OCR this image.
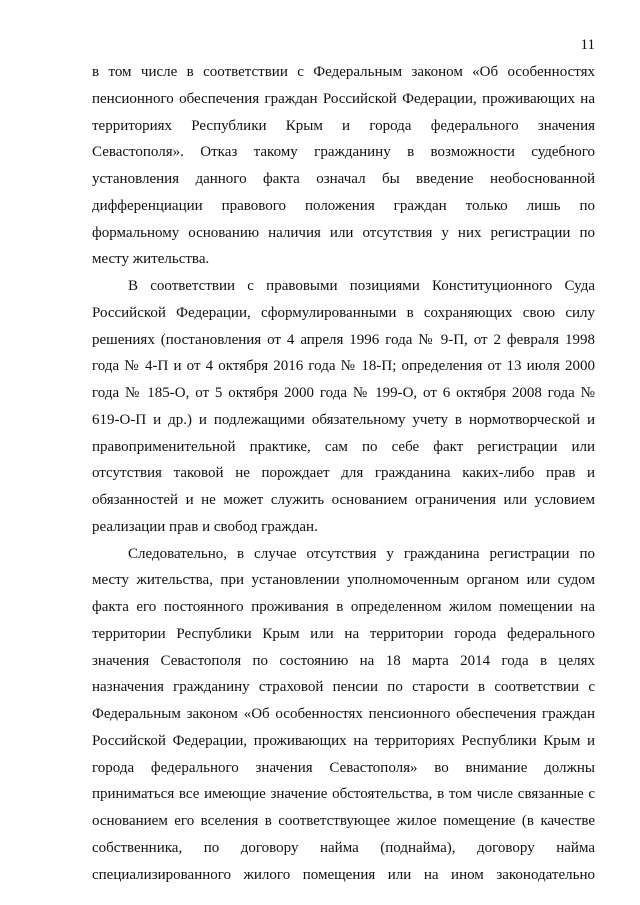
11
в том числе в соответствии с Федеральным законом «Об особенностях
пенсионного обеспечения граждан Российской Федерации, проживающих на
территориях Республики Крым и города федерального значения
Севастополя». Отказ такому гражданину в возможности судебного
установления данного факта означал бы введение необоснованной
дифференциации правового положения граждан только лишь по
формальному основанию наличия или отсутствия у них регистрации по
месту жительства.
В соответствии с правовыми позициями Конституционного Суда
Российской Федерации, сформулированными в сохраняющих свою силу
решениях (постановления от 4 апреля 1996 года № 9-П, от 2 февраля 1998
года № 4-П и от 4 октября 2016 года № 18-П; определения от 13 июля 2000
года № 185-О, от 5 октября 2000 года № 199-О, от 6 октября 2008 года №
619-О-П и др.) и подлежащими обязательному учету в нормотворческой и
правоприменительной практике, сам по себе факт регистрации или
отсутствия таковой не порождает для гражданина каких-либо прав и
обязанностей и не может служить основанием ограничения или условием
реализации прав и свобод граждан.
Следовательно, в случае отсутствия у гражданина регистрации по
месту жительства, при установлении уполномоченным органом или судом
факта его постоянного проживания в определенном жилом помещении на
территории Республики Крым или на территории города федерального
значения Севастополя по состоянию на 18 марта 2014 года в целях
назначения гражданину страховой пенсии по старости в соответствии с
Федеральным законом «Об особенностях пенсионного обеспечения граждан
Российской Федерации, проживающих на территориях Республики Крым и
города федерального значения Севастополя» во внимание должны
приниматься все имеющие значение обстоятельства, в том числе связанные с
основанием его вселения в соответствующее жилое помещение (в качестве
собственника, по договору найма (поднайма), договору найма
специализированного жилого помещения или на ином законодательно
